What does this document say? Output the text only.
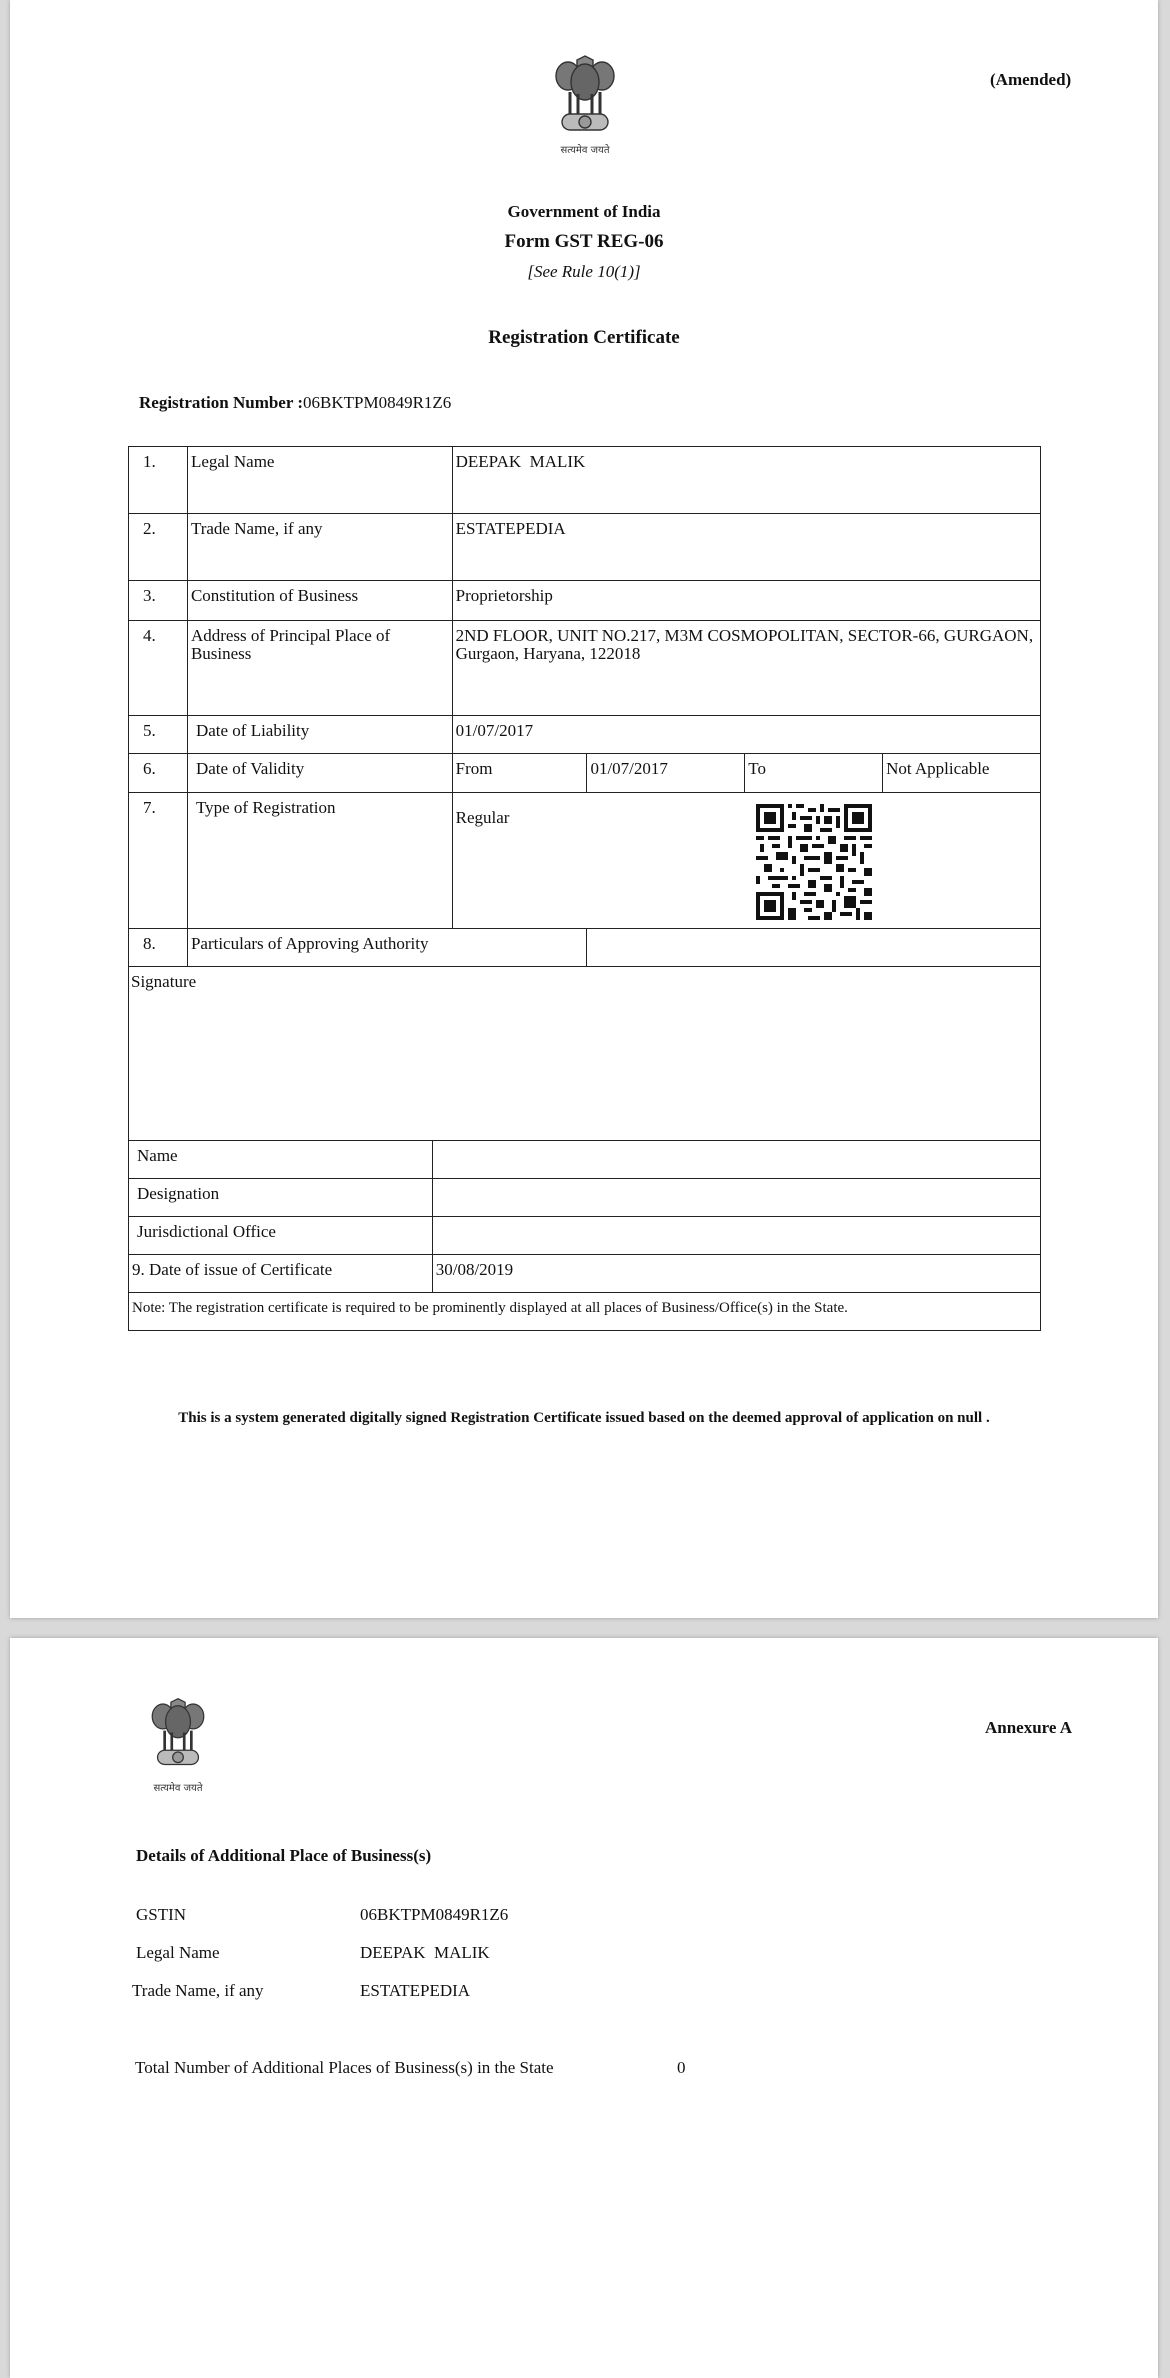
सत्यमेव जयते
(Amended)
Government of India
Form GST REG-06
[See Rule 10(1)]
Registration Certificate
Registration Number :06BKTPM0849R1Z6
1.	Legal Name	DEEPAK  MALIK			
2.	Trade Name, if any	ESTATEPEDIA			
3.	Constitution of Business	Proprietorship			
4.	Address of Principal Place of Business	2ND FLOOR, UNIT NO.217, M3M COSMOPOLITAN, SECTOR-66, GURGAON, Gurgaon, Haryana, 122018			
5.	Date of Liability	01/07/2017			
6.	Date of Validity	From	01/07/2017	To	Not Applicable
7.	Type of Registration	Regular			
8.	Particulars of Approving Authority				
Signature					
Name	
Designation	
Jurisdictional Office	
9. Date of issue of Certificate	30/08/2019
Note: The registration certificate is required to be prominently displayed at all places of Business/Office(s) in the State.	
This is a system generated digitally signed Registration Certificate issued based on the deemed approval of application on null .
सत्यमेव जयते
Annexure A
Details of Additional Place of Business(s)
GSTIN	06BKTPM0849R1Z6
Legal Name	DEEPAK  MALIK
Trade Name, if any	ESTATEPEDIA
Total Number of Additional Places of Business(s) in the State	0
